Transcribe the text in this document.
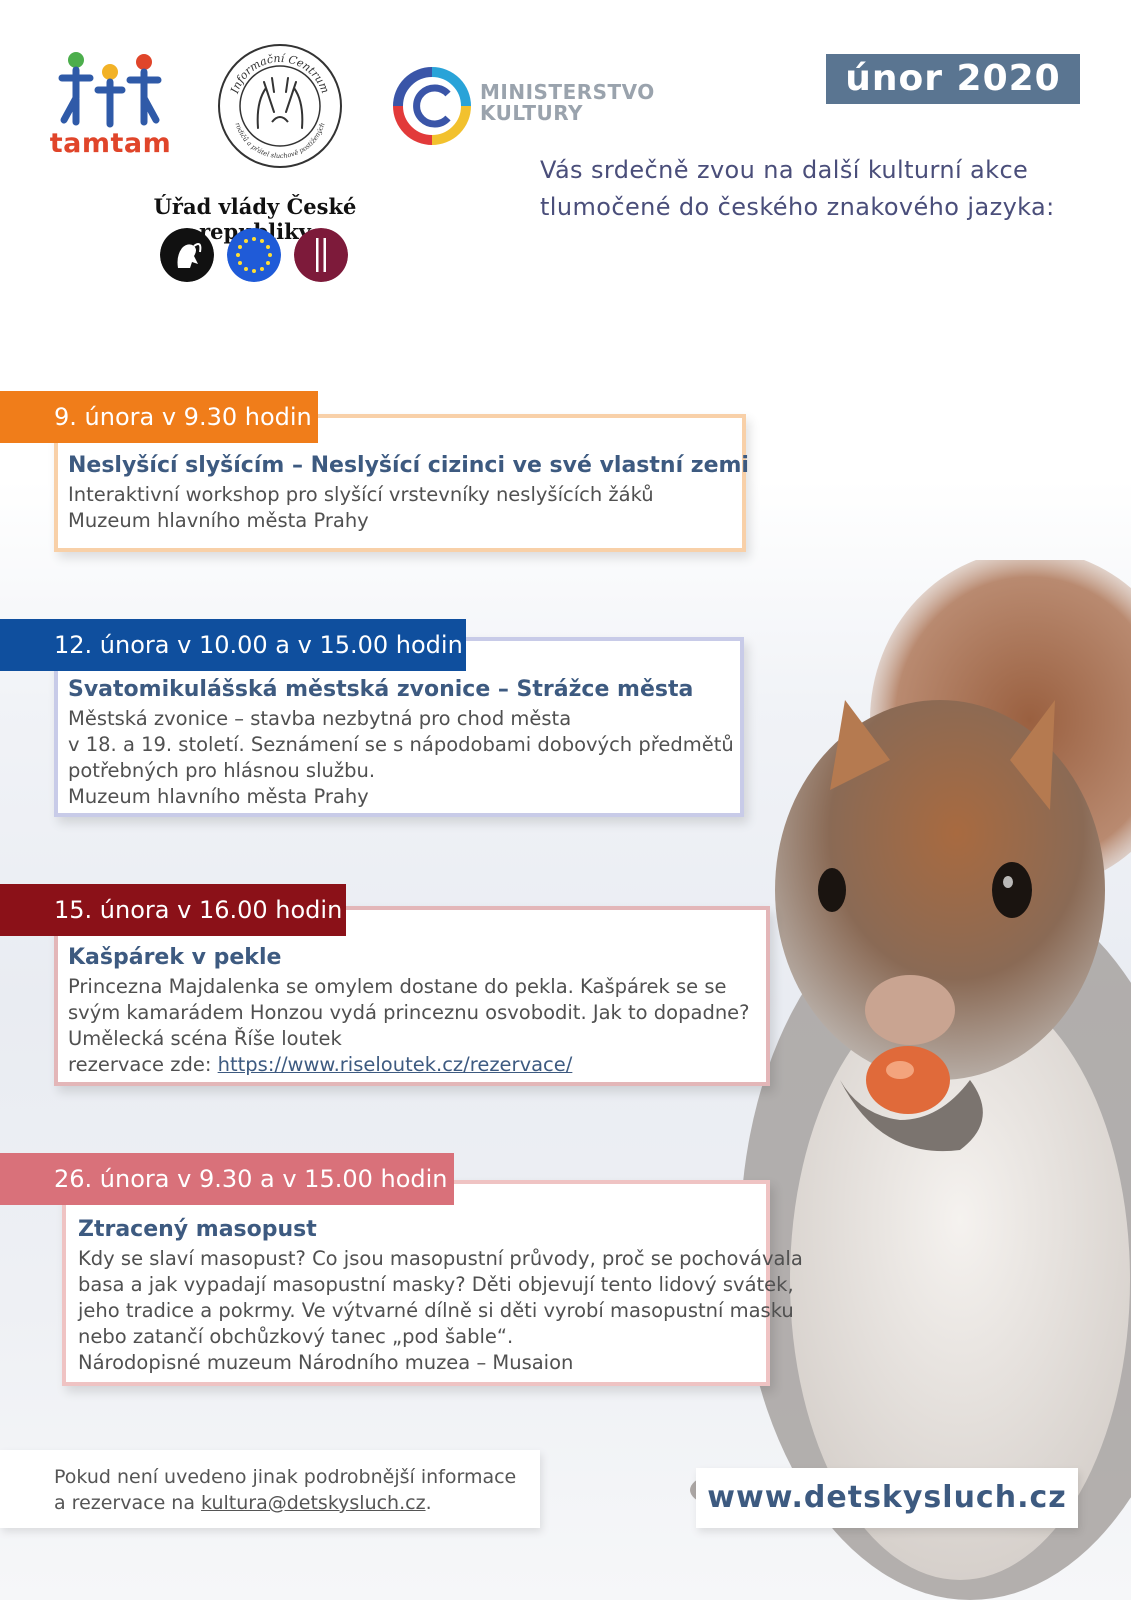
tamtam
Informační Centrum
rodičů a přátel sluchově postižených
MINISTERSTVO
KULTURY
Úřad vlády České
únor 2020
Vás srdečně zvou na další kulturní akce
tlumočené do českého znakového jazyka:
9. února v 9.30 hodin
Neslyšící slyšícím – Neslyšící cizinci ve své vlastní zemi
Interaktivní workshop pro slyšící vrstevníky neslyšících žáků
Muzeum hlavního města Prahy
12. února v 10.00 a v 15.00 hodin
Svatomikulášská městská zvonice – Strážce města
Městská zvonice – stavba nezbytná pro chod města
v 18. a 19. století. Seznámení se s nápodobami dobových předmětů
potřebných pro hlásnou službu.
Muzeum hlavního města Prahy
15. února v 16.00 hodin
Kašpárek v pekle
Princezna Majdalenka se omylem dostane do pekla. Kašpárek se se
svým kamarádem Honzou vydá princeznu osvobodit. Jak to dopadne?
Umělecká scéna Říše loutek
rezervace zde: https://www.riseloutek.cz/rezervace/
26. února v 9.30 a v 15.00 hodin
Ztracený masopust
Kdy se slaví masopust? Co jsou masopustní průvody, proč se pochovávala
basa a jak vypadají masopustní masky? Děti objevují tento lidový svátek,
jeho tradice a pokrmy. Ve výtvarné dílně si děti vyrobí masopustní masku
nebo zatančí obchůzkový tanec „pod šable“.
Národopisné muzeum Národního muzea – Musaion
Pokud není uvedeno jinak podrobnější informace
a rezervace na kultura@detskysluch.cz.	www.detskysluch.cz
